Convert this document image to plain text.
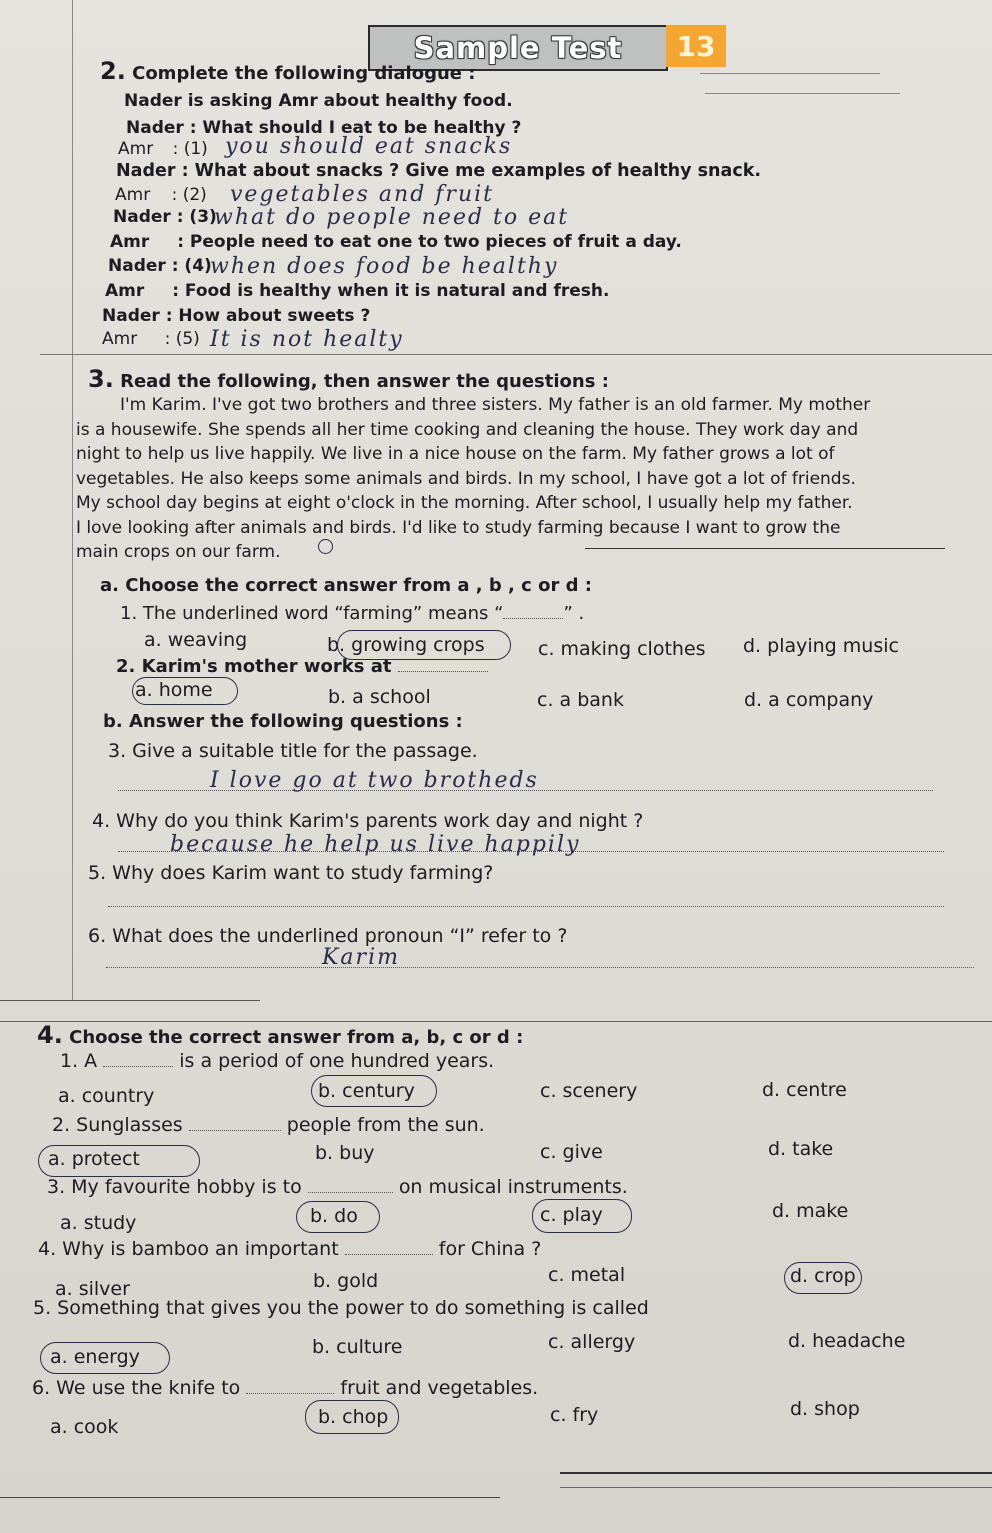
Sample Test	13
2. Complete the following dialogue :
Nader is asking Amr about healthy food.
Nader : What should I eat to be healthy ?
Amr : (1) you should eat snacks
Nader : What about snacks ? Give me examples of healthy snack.
Amr : (2) vegetables and fruit
Nader : (3)
what do people need to eat
Amr : People need to eat one to two pieces of fruit a day.
Nader : (4)
when does food be healthy
Amr : Food is healthy when it is natural and fresh.
Nader : How about sweets ?
Amr : (5) It is not healty
3. Read the following, then answer the questions :
I'm Karim. I've got two brothers and three sisters. My father is an old farmer. My mother
is a housewife. She spends all her time cooking and cleaning the house. They work day and
night to help us live happily. We live in a nice house on the farm. My father grows a lot of
vegetables. He also keeps some animals and birds. In my school, I have got a lot of friends.
My school day begins at eight o'clock in the morning. After school, I usually help my father.
I love looking after animals and birds. I'd like to study farming because I want to grow the
main crops on our farm.
a. Choose the correct answer from a , b , c or d :
1. The underlined word “farming” means “	” .
a. weaving	b. growing crops	c. making clothes d. playing music
2. Karim's mother works at
a. home	b. a school	c. a bank	d. a company
b. Answer the following questions :
3. Give a suitable title for the passage.
I love go at two brotheds
4. Why do you think Karim's parents work day and night ?
because he help us live happily
5. Why does Karim want to study farming?
6. What does the underlined pronoun “I” refer to ?
Karim
4. Choose the correct answer from a, b, c or d :
1. A	is a period of one hundred years.
a. country	b. century	c. scenery	d. centre
2. Sunglasses	people from the sun.
a. protect	b. buy	c. give	d. take
3. My favourite hobby is to	on musical instruments.
a. study	b. do	c. play	d. make
4. Why is bamboo an important	for China ?
a. silver	b. gold	c. metal	d. crop
5. Something that gives you the power to do something is called
a. energy	b. culture	c. allergy	d. headache
6. We use the knife to	fruit and vegetables.
a. cook	b. chop	c. fry	d. shop
